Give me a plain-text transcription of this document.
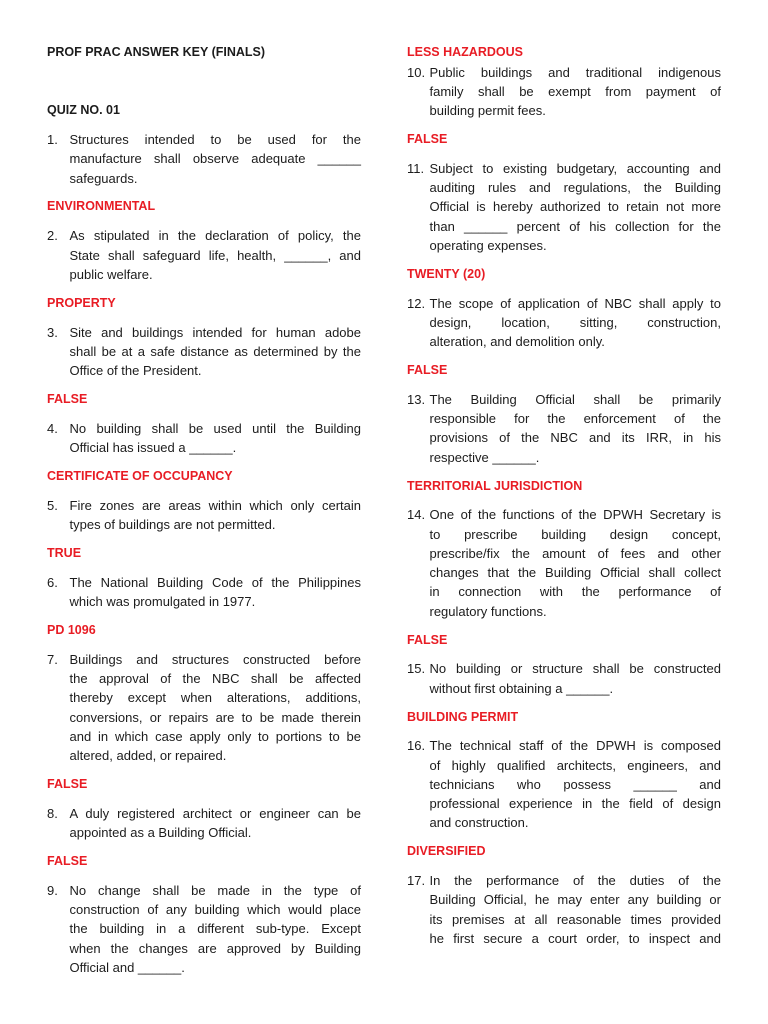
PROF PRAC ANSWER KEY (FINALS)
QUIZ NO. 01
1. Structures intended to be used for the
manufacture shall observe adequate ______
safeguards.
ENVIRONMENTAL
2. As stipulated in the declaration of policy, the
State shall safeguard life, health, ______, and
public welfare.
PROPERTY
3. Site and buildings intended for human adobe
shall be at a safe distance as determined by the
Office of the President.
FALSE
4. No building shall be used until the Building
Official has issued a ______.
CERTIFICATE OF OCCUPANCY
5. Fire zones are areas within which only certain
types of buildings are not permitted.
TRUE
6. The National Building Code of the Philippines
which was promulgated in 1977.
PD 1096
7. Buildings and structures constructed before
the approval of the NBC shall be affected
thereby except when alterations, additions,
conversions, or repairs are to be made therein
and in which case apply only to portions to be
altered, added, or repaired.
FALSE
8. A duly registered architect or engineer can be
appointed as a Building Official.
FALSE
9. No change shall be made in the type of
construction of any building which would place
the building in a different sub-type. Except
when the changes are approved by Building
Official and ______.
LESS HAZARDOUS
10. Public buildings and traditional indigenous
family shall be exempt from payment of
building permit fees.
FALSE
11. Subject to existing budgetary, accounting and
auditing rules and regulations, the Building
Official is hereby authorized to retain not more
than ______ percent of his collection for the
operating expenses.
TWENTY (20)
12. The scope of application of NBC shall apply to
design, location, sitting, construction,
alteration, and demolition only.
FALSE
13. The Building Official shall be primarily
responsible for the enforcement of the
provisions of the NBC and its IRR, in his
respective ______.
TERRITORIAL JURISDICTION
14. One of the functions of the DPWH Secretary is
to prescribe building design concept,
prescribe/fix the amount of fees and other
changes that the Building Official shall collect
in connection with the performance of
regulatory functions.
FALSE
15. No building or structure shall be constructed
without first obtaining a ______.
BUILDING PERMIT
16. The technical staff of the DPWH is composed
of highly qualified architects, engineers, and
technicians who possess ______ and
professional experience in the field of design
and construction.
DIVERSIFIED
17. In the performance of the duties of the
Building Official, he may enter any building or
its premises at all reasonable times provided
he first secure a court order, to inspect and
